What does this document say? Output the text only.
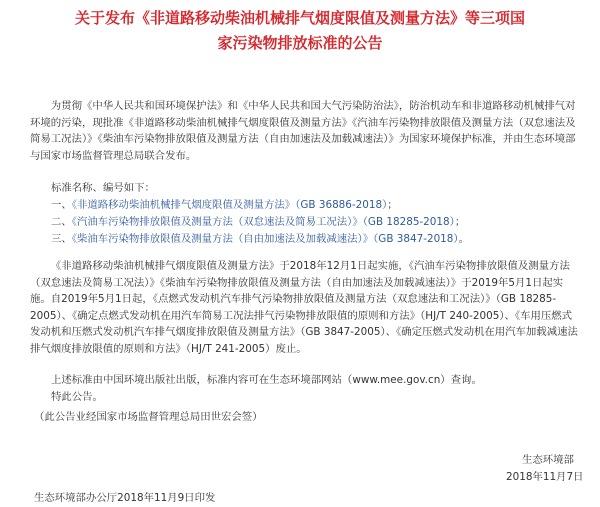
关于发布《非道路移动柴油机械排气烟度限值及测量方法》等三项国
家污染物排放标准的公告
为贯彻《中华人民共和国环境保护法》和《中华人民共和国大气污染防治法》，防治机动车和非道路移动机械排气对环境的污染，现批准《非道路移动柴油机械排气烟度限值及测量方法》《汽油车污染物排放限值及测量方法（双怠速法及简易工况法）》《柴油车污染物排放限值及测量方法（自由加速法及加载减速法）》为国家环境保护标准，并由生态环境部与国家市场监督管理总局联合发布。
标准名称、编号如下：
一、《非道路移动柴油机械排气烟度限值及测量方法》（GB 36886-2018）；
二、《汽油车污染物排放限值及测量方法（双怠速法及简易工况法）》（GB 18285-2018）；
三、《柴油车污染物排放限值及测量方法（自由加速法及加载减速法）》（GB 3847-2018）。
《非道路移动柴油机械排气烟度限值及测量方法》于2018年12月1日起实施，《汽油车污染物排放限值及测量方法（双怠速法及简易工况法）》《柴油车污染物排放限值及测量方法（自由加速法及加载减速法）》于2019年5月1日起实施。自2019年5月1日起，《点燃式发动机汽车排气污染物排放限值及测量方法（双怠速法和工况法）》（GB 18285-2005）、《确定点燃式发动机在用汽车简易工况法排气污染物排放限值的原则和方法》（HJ/T 240-2005）、《车用压燃式发动机和压燃式发动机汽车排气烟度排放限值及测量方法》（GB 3847-2005）、《确定压燃式发动机在用汽车加载减速法排气烟度排放限值的原则和方法》（HJ/T 241-2005）废止。
上述标准由中国环境出版社出版，标准内容可在生态环境部网站（www.mee.gov.cn）查询。
特此公告。
（此公告业经国家市场监督管理总局田世宏会签）
生态环境部
2018年11月7日
生态环境部办公厅2018年11月9日印发
